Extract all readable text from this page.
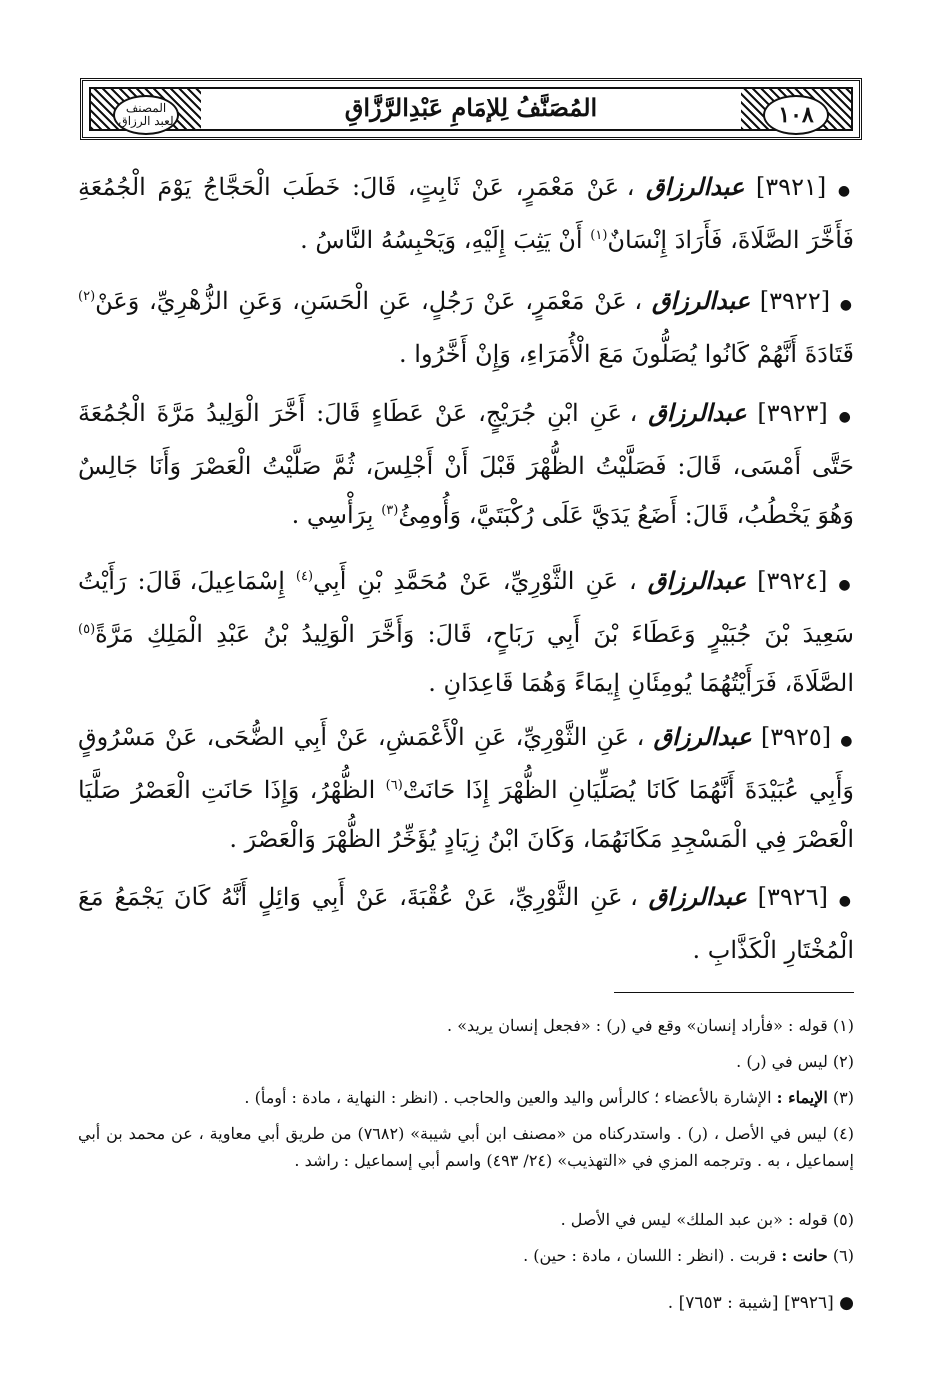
١٠٨
المصنف
لعبد الرزاق	المُصَنَّفُ لِلإمَامِ عَبْدِالرَّزَّاقِ
● [٣٩٢١] عبدالرزاق ، عَنْ مَعْمَرٍ، عَنْ ثَابِتٍ، قَالَ: خَطَبَ الْحَجَّاجُ يَوْمَ الْجُمُعَةِ فَأَخَّرَ الصَّلَاةَ، فَأَرَادَ إِنْسَانٌ$^{(١)}$ أَنْ يَثِبَ إِلَيْهِ، وَيَحْبِسُهُ النَّاسُ .
● [٣٩٢٢] عبدالرزاق ، عَنْ مَعْمَرٍ، عَنْ رَجُلٍ، عَنِ الْحَسَنِ، وَعَنِ الزُّهْرِيِّ، وَعَنْ$^{(٢)}$ قَتَادَةَ أَنَّهُمْ كَانُوا يُصَلُّونَ مَعَ الْأُمَرَاءِ، وَإِنْ أَخَّرُوا .
● [٣٩٢٣] عبدالرزاق ، عَنِ ابْنِ جُرَيْجٍ، عَنْ عَطَاءٍ قَالَ: أَخَّرَ الْوَلِيدُ مَرَّةَ الْجُمُعَةَ حَتَّى أَمْسَى، قَالَ: فَصَلَّيْتُ الظُّهْرَ قَبْلَ أَنْ أَجْلِسَ، ثُمَّ صَلَّيْتُ الْعَصْرَ وَأَنَا جَالِسٌ وَهُوَ يَخْطُبُ، قَالَ: أَضَعُ يَدَيَّ عَلَى رُكْبَتَيَّ، وَأُومِئُ$^{(٣)}$ بِرَأْسِي .
● [٣٩٢٤] عبدالرزاق ، عَنِ الثَّوْرِيِّ، عَنْ مُحَمَّدِ بْنِ أَبِي$^{(٤)}$ إِسْمَاعِيلَ، قَالَ: رَأَيْتُ سَعِيدَ بْنَ جُبَيْرٍ وَعَطَاءَ بْنَ أَبِي رَبَاحٍ، قَالَ: وَأَخَّرَ الْوَلِيدُ بْنُ عَبْدِ الْمَلِكِ مَرَّةً$^{(٥)}$ الصَّلَاةَ، فَرَأَيْتُهُمَا يُومِئَانِ إِيمَاءً وَهُمَا قَاعِدَانِ .
● [٣٩٢٥] عبدالرزاق ، عَنِ الثَّوْرِيِّ، عَنِ الْأَعْمَشِ، عَنْ أَبِي الضُّحَى، عَنْ مَسْرُوقٍ وَأَبِي عُبَيْدَةَ أَنَّهُمَا كَانَا يُصَلِّيَانِ الظُّهْرَ إِذَا حَانَتْ$^{(٦)}$ الظُّهْرُ، وَإِذَا حَانَتِ الْعَصْرُ صَلَّيَا الْعَصْرَ فِي الْمَسْجِدِ مَكَانَهُمَا، وَكَانَ ابْنُ زِيَادٍ يُؤَخِّرُ الظُّهْرَ وَالْعَصْرَ .
● [٣٩٢٦] عبدالرزاق ، عَنِ الثَّوْرِيِّ، عَنْ عُقْبَةَ، عَنْ أَبِي وَائِلٍ أَنَّهُ كَانَ يَجْمَعُ مَعَ الْمُخْتَارِ الْكَذَّابِ .
(١) قوله : «فأراد إنسان» وقع في (ر) : «فجعل إنسان يريد» .
(٢) ليس في (ر) .
(٣) الإيماء : الإشارة بالأعضاء ؛ كالرأس واليد والعين والحاجب . (انظر : النهاية ، مادة : أومأ) .
(٤) ليس في الأصل ، (ر) . واستدركناه من «مصنف ابن أبي شيبة» (٧٦٨٢) من طريق أبي معاوية ، عن محمد بن أبي إسماعيل ، به . وترجمه المزي في «التهذيب» (٢٤/ ٤٩٣) واسم أبي إسماعيل : راشد .
(٥) قوله : «بن عبد الملك» ليس في الأصل .
(٦) حانت : قربت . (انظر : اللسان ، مادة : حين) .
● [٣٩٢٦] [شيبة : ٧٦٥٣] .
